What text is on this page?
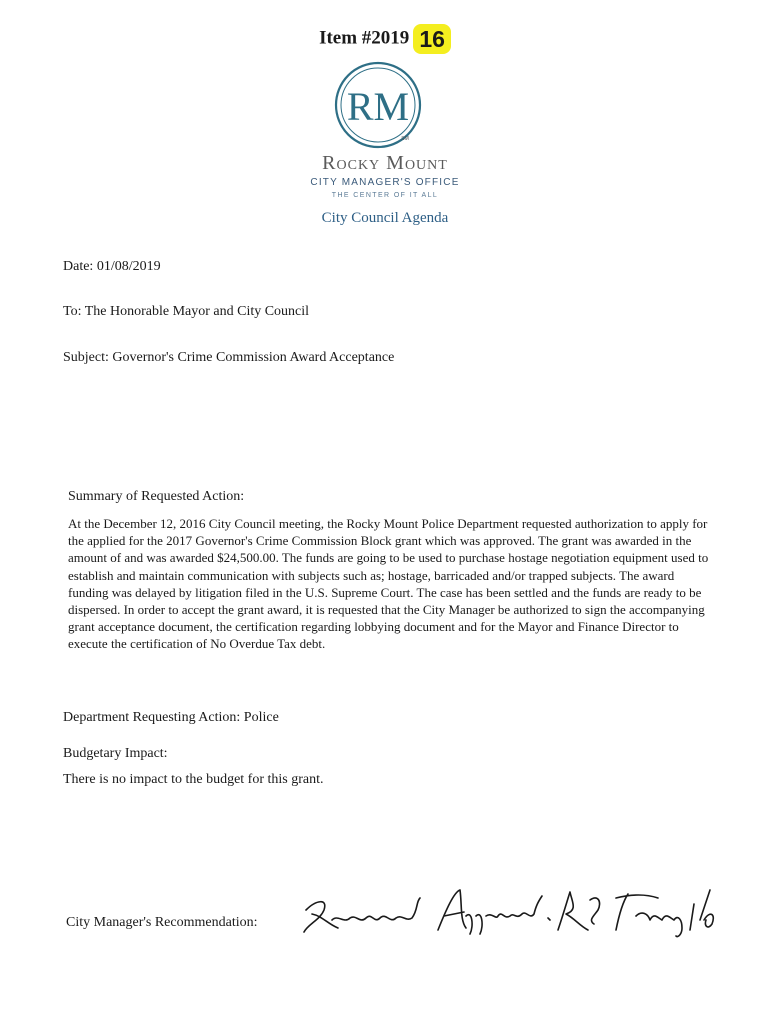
Item #2019 16
RM
SM
Rocky Mount
CITY MANAGER'S OFFICE
THE CENTER OF IT ALL
City Council Agenda
Date: 01/08/2019
To: The Honorable Mayor and City Council
Subject: Governor's Crime Commission Award Acceptance
Summary of Requested Action:
At the December 12, 2016 City Council meeting, the Rocky Mount Police Department requested authorization to apply for the applied for the 2017 Governor's Crime Commission Block grant which was approved. The grant was awarded in the amount of and was awarded $24,500.00. The funds are going to be used to purchase hostage negotiation equipment used to establish and maintain communication with subjects such as; hostage, barricaded and/or trapped subjects. The award funding was delayed by litigation filed in the U.S. Supreme Court. The case has been settled and the funds are ready to be dispersed. In order to accept the grant award, it is requested that the City Manager be authorized to sign the accompanying grant acceptance document, the certification regarding lobbying document and for the Mayor and Finance Director to execute the certification of No Overdue Tax debt.
Department Requesting Action: Police
Budgetary Impact:
There is no impact to the budget for this grant.
City Manager's Recommendation:
